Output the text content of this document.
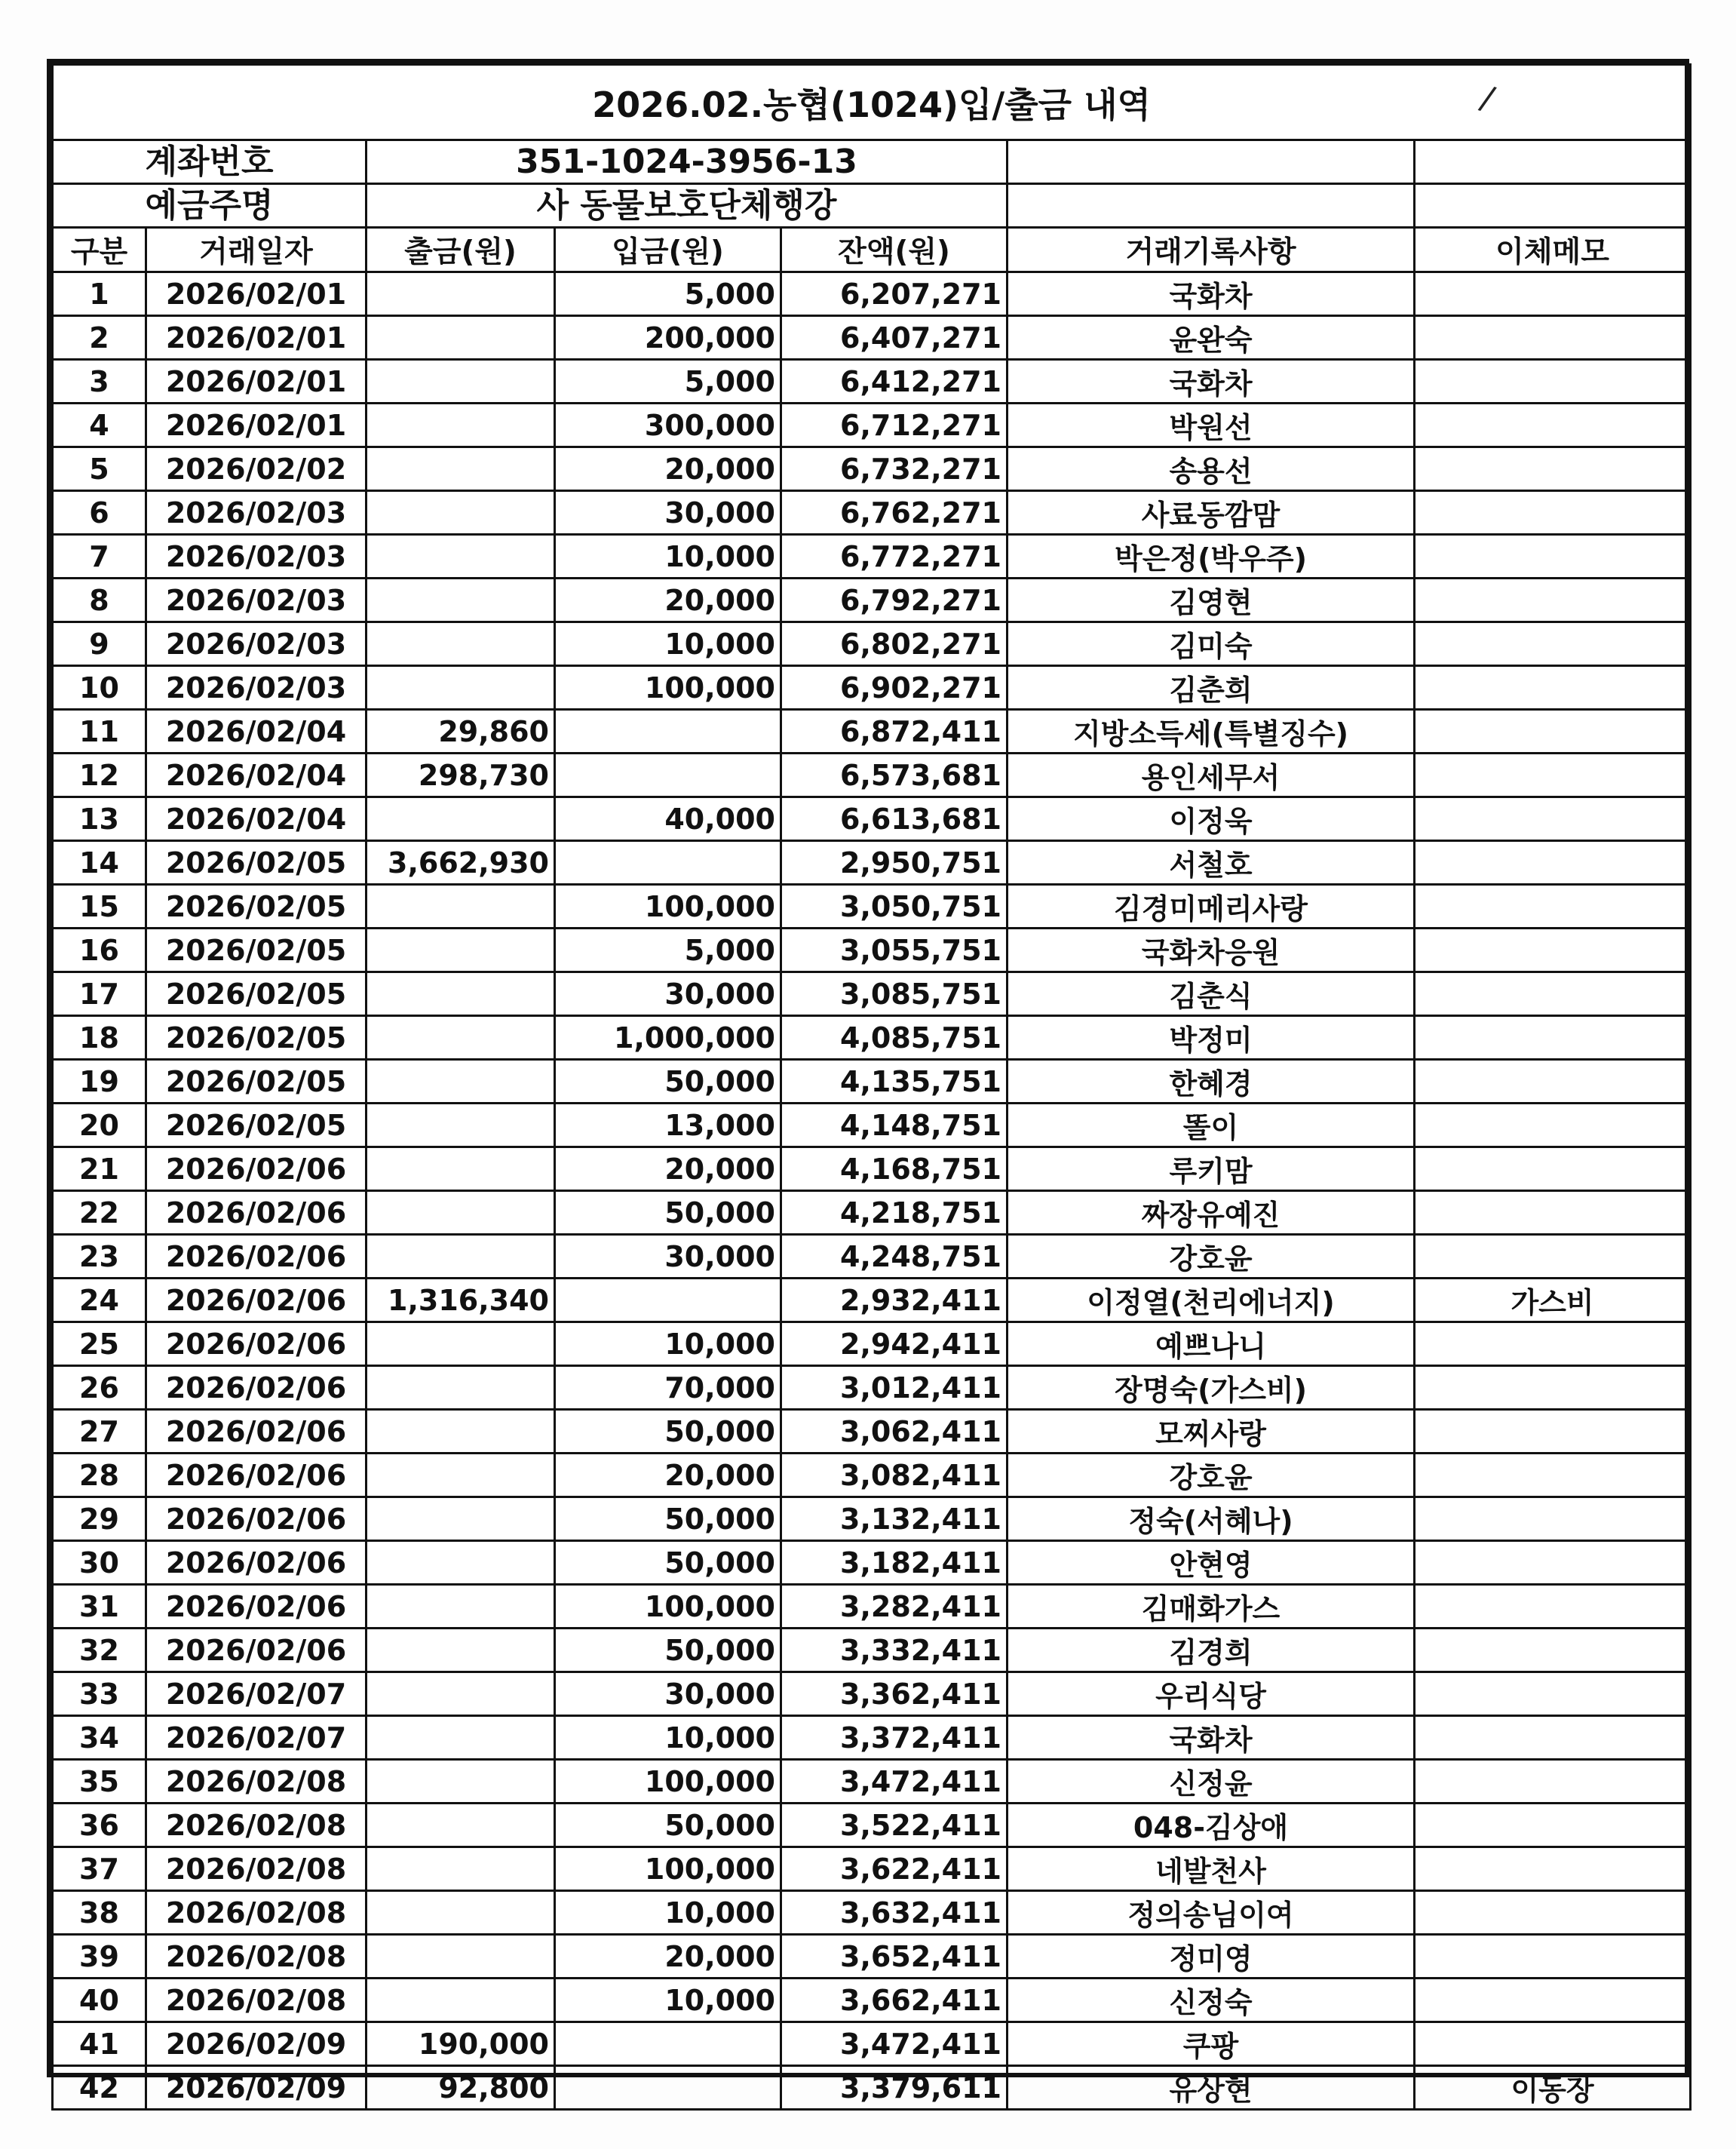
2026.02.농협(1024)입/출금 내역 /						

계좌번호		351-1024-3956-13				
예금주명		사 동물보호단체행강				
구분	거래일자	출금(원)	입금(원)	잔액(원)	거래기록사항	이체메모
1	2026/02/01		5,000	6,207,271	국화차	
2	2026/02/01		200,000	6,407,271	윤완숙	
3	2026/02/01		5,000	6,412,271	국화차	
4	2026/02/01		300,000	6,712,271	박원선	
5	2026/02/02		20,000	6,732,271	송용선	
6	2026/02/03		30,000	6,762,271	사료동깜맘	
7	2026/02/03		10,000	6,772,271	박은정(박우주)	
8	2026/02/03		20,000	6,792,271	김영현	
9	2026/02/03		10,000	6,802,271	김미숙	
10	2026/02/03		100,000	6,902,271	김춘희	
11	2026/02/04	29,860		6,872,411	지방소득세(특별징수)	
12	2026/02/04	298,730		6,573,681	용인세무서	
13	2026/02/04		40,000	6,613,681	이정욱	
14	2026/02/05	3,662,930		2,950,751	서철호	
15	2026/02/05		100,000	3,050,751	김경미메리사랑	
16	2026/02/05		5,000	3,055,751	국화차응원	
17	2026/02/05		30,000	3,085,751	김춘식	
18	2026/02/05		1,000,000	4,085,751	박정미	
19	2026/02/05		50,000	4,135,751	한혜경	
20	2026/02/05		13,000	4,148,751	똘이	
21	2026/02/06		20,000	4,168,751	루키맘	
22	2026/02/06		50,000	4,218,751	짜장유예진	
23	2026/02/06		30,000	4,248,751	강호윤	
24	2026/02/06	1,316,340		2,932,411	이정열(천리에너지)	가스비
25	2026/02/06		10,000	2,942,411	예쁘나니	
26	2026/02/06		70,000	3,012,411	장명숙(가스비)	
27	2026/02/06		50,000	3,062,411	모찌사랑	
28	2026/02/06		20,000	3,082,411	강호윤	
29	2026/02/06		50,000	3,132,411	정숙(서혜나)	
30	2026/02/06		50,000	3,182,411	안현영	
31	2026/02/06		100,000	3,282,411	김매화가스	
32	2026/02/06		50,000	3,332,411	김경희	
33	2026/02/07		30,000	3,362,411	우리식당	
34	2026/02/07		10,000	3,372,411	국화차	
35	2026/02/08		100,000	3,472,411	신정윤	
36	2026/02/08		50,000	3,522,411	048-김상애	
37	2026/02/08		100,000	3,622,411	네발천사	
38	2026/02/08		10,000	3,632,411	정의송님이여	
39	2026/02/08		20,000	3,652,411	정미영	
40	2026/02/08		10,000	3,662,411	신정숙	
41	2026/02/09	190,000		3,472,411	쿠팡	
42	2026/02/09	92,800		3,379,611	유상현	이동장
